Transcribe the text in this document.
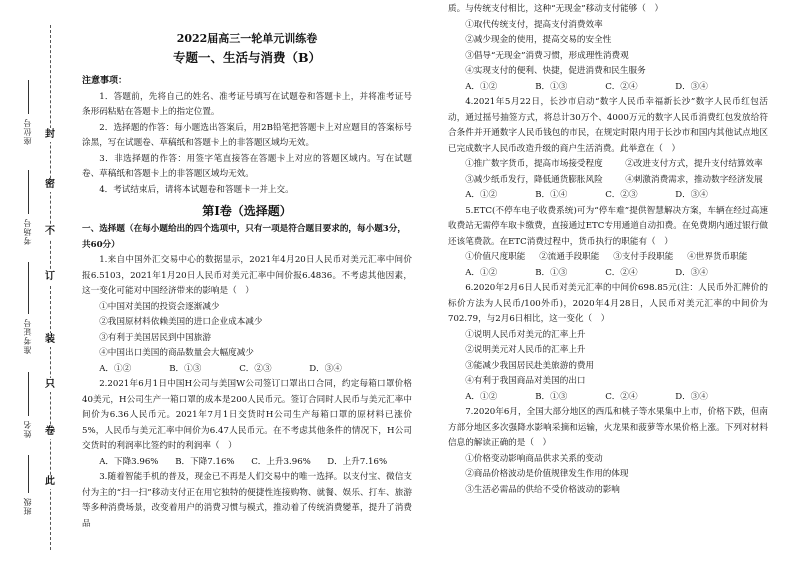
封
密
不
订
装
只
卷
此
座位号
考场号
准考证号
姓名
班级
2022届高三一轮单元训练卷
专题一、生活与消费（B）
注意事项：
1．答题前，先将自己的姓名、准考证号填写在试题卷和答题卡上，并将准考证号条形码粘贴在答题卡上的指定位置。
2．选择题的作答：每小题选出答案后，用2B铅笔把答题卡上对应题目的答案标号涂黑，写在试题卷、草稿纸和答题卡上的非答题区域均无效。
3．非选择题的作答：用签字笔直接答在答题卡上对应的答题区域内。写在试题卷、草稿纸和答题卡上的非答题区域均无效。
4．考试结束后，请将本试题卷和答题卡一并上交。
第Ⅰ卷（选择题）
一、选择题（在每小题给出的四个选项中，只有一项是符合题目要求的，每小题3分，共60分）
1.来自中国外汇交易中心的数据显示，2021年4月20日人民币对美元汇率中间价报6.5103，2021年1月20日人民币对美元汇率中间价报6.4836。不考虑其他因素，这一变化可能对中国经济带来的影响是（　）
①中国对美国的投资会逐渐减少
②我国原材料依赖美国的进口企业成本减少
③有利于美国居民到中国旅游
④中国出口美国的商品数量会大幅度减少
A．①②	B．①③	C．②③	D．③④
2.2021年6月1日中国H公司与美国W公司签订口罩出口合同，约定每箱口罩价格40美元，H公司生产一箱口罩的成本是200人民币元。签订合同时人民币与美元汇率中间价为6.36人民币元。2021年7月1日交货时H公司生产每箱口罩的原材料已涨价5%，人民币与美元汇率中间价为6.47人民币元。在不考虑其他条件的情况下，H公司交货时的利润率比签约时的利润率（　）
A．下降3.96%	B．下降7.16%	C．上升3.96%	D．上升7.16%
3.随着智能手机的普及，现金已不再是人们交易中的唯一选择。以支付宝、微信支付为主的“扫一扫”移动支付正在用它独特的便捷性连接购物、就餐、娱乐、打车、旅游等多种消费场景，改变着用户的消费习惯与模式，推动着了传统消费變革，提升了消费品
质。与传统支付相比，这种“无现金”移动支付能够（　）
①取代传统支付，提高支付消费效率
②减少现金的使用，提高交易的安全性
③倡导“无现金”消费习惯，形成理性消费观
④实现支付的便利、快捷，促进消费和民生服务
A．①②	B．①③	C．②④	D．③④
4.2021年5月22日，长沙市启动“数字人民币幸福新长沙”数字人民币红包活动，通过摇号抽签方式，将总计30万个、4000万元的数字人民币消费红包发放给符合条件并开通数字人民币钱包的市民，在规定时限内用于长沙市和国内其他试点地区已完成数字人民币改造升级的商户生活消费。此举意在（　）
①推广数字货币，提高市场接受程度	②改进支付方式，提升支付结算效率
③减少纸币发行，降低通货膨胀风险	④刺激消费需求，推动数字经济发展
A．①②	B．①④	C．②③	D．③④
5.ETC(不停车电子收费系统)可为“停车难”提供智慧解决方案，车辆在经过高速收费站无需停车取卡缴费，直接通过ETC专用通道自动扣费。在免费期内通过银行做还该笔费款。在ETC消费过程中，货币执行的职能有（　）
①价值尺度职能	②流通手段职能	③支付手段职能	④世界货币职能
A．①②	B．①③	C．②④	D．③④
6.2020年2月6日人民币对美元汇率的中间价698.85元(注：人民币外汇牌价的标价方法为人民币/100外币)，2020年4月28日，人民币对美元汇率的中间价为702.79，与2月6日相比，这一变化（　）
①说明人民币对美元的汇率上升
②说明美元对人民币的汇率上升
③能减少我国居民赴美旅游的费用
④有利于我国商品对美国的出口
A．①②	B．①③	C．②④	D．③④
7.2020年6月，全国大部分地区的西瓜和桃子等水果集中上市，价格下跌，但南方部分地区多次强降水影响采摘和运输，火龙果和菠萝等水果价格上涨。下列对材料信息的解读正确的是（　）
①价格变动影响商品供求关系的变动
②商品价格波动是价值规律发生作用的体现
③生活必需品的供给不受价格波动的影响
